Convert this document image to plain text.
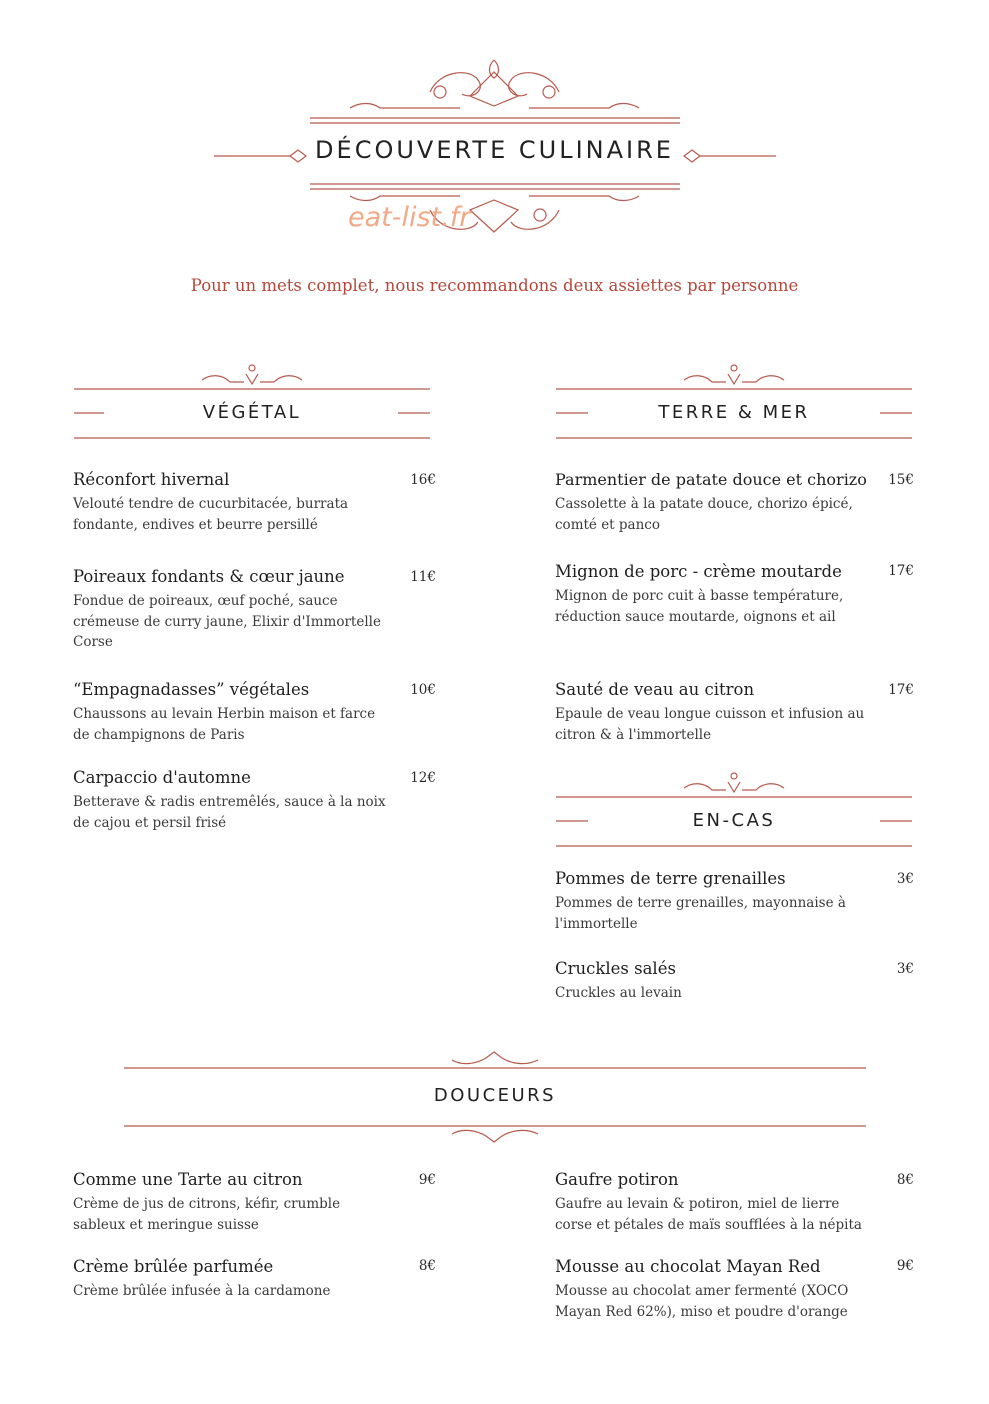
DÉCOUVERTE CULINAIRE
eat-list.fr
Pour un mets complet, nous recommandons deux assiettes par personne
VÉGÉTAL	TERRE & MER
EN-CAS
DOUCEURS
Réconfort hivernal
Velouté tendre de cucurbitacée, burrata
fondante, endives et beurre persillé
16€
Poireaux fondants & cœur jaune
Fondue de poireaux, œuf poché, sauce
crémeuse de curry jaune, Elixir d'Immortelle
Corse
11€
“Empagnadasses” végétales
Chaussons au levain Herbin maison et farce
de champignons de Paris
10€
Carpaccio d'automne
Betterave & radis entremêlés, sauce à la noix
de cajou et persil frisé
12€
Parmentier de patate douce et chorizo
Cassolette à la patate douce, chorizo épicé,
comté et panco
15€
Mignon de porc - crème moutarde
Mignon de porc cuit à basse température,
réduction sauce moutarde, oignons et ail
17€
Sauté de veau au citron
Epaule de veau longue cuisson et infusion au
citron & à l'immortelle
17€
Pommes de terre grenailles
Pommes de terre grenailles, mayonnaise à
l'immortelle
3€
Cruckles salés
Cruckles au levain
3€
Comme une Tarte au citron
Crème de jus de citrons, kéfir, crumble
sableux et meringue suisse
9€
Crème brûlée parfumée
Crème brûlée infusée à la cardamone
8€
Gaufre potiron
Gaufre au levain & potiron, miel de lierre
corse et pétales de maïs soufflées à la népita
8€
Mousse au chocolat Mayan Red
Mousse au chocolat amer fermenté (XOCO
Mayan Red 62%), miso et poudre d'orange
9€
